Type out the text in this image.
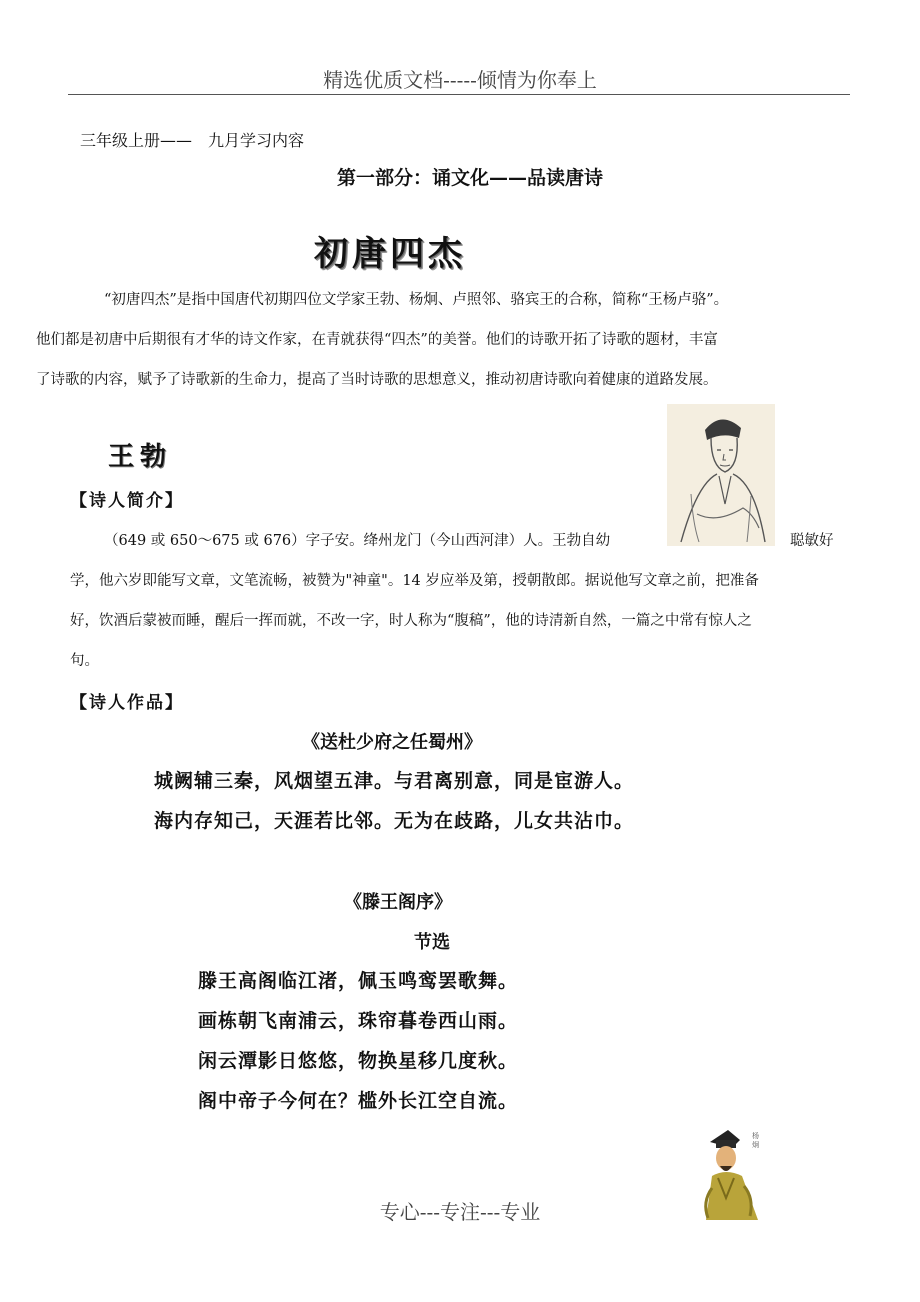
精选优质文档-----倾情为你奉上
三年级上册——　九月学习内容
第一部分：诵文化——品读唐诗
初唐四杰
“初唐四杰”是指中国唐代初期四位文学家王勃、杨炯、卢照邻、骆宾王的合称，简称“王杨卢骆”。
他们都是初唐中后期很有才华的诗文作家，在青就获得“四杰”的美誉。他们的诗歌开拓了诗歌的题材，丰富
了诗歌的内容，赋予了诗歌新的生命力，提高了当时诗歌的思想意义，推动初唐诗歌向着健康的道路发展。
王勃
【诗人简介】
（649 或 650～675 或 676）字子安。绛州龙门（今山西河津）人。王勃自幼	聪敏好
学，他六岁即能写文章，文笔流畅，被赞为"神童"。14 岁应举及第，授朝散郎。据说他写文章之前，把准备
好，饮酒后蒙被而睡，醒后一挥而就，不改一字，时人称为“腹稿”，他的诗清新自然，一篇之中常有惊人之
句。
【诗人作品】
《送杜少府之任蜀州》
城阙辅三秦，风烟望五津。与君离别意，同是宦游人。
海内存知己，天涯若比邻。无为在歧路，儿女共沾巾。
《滕王阁序》
节选
滕王高阁临江渚，佩玉鸣鸾罢歌舞。
画栋朝飞南浦云，珠帘暮卷西山雨。
闲云潭影日悠悠，物换星移几度秋。
阁中帝子今何在？槛外长江空自流。
杨炯
专心---专注---专业
